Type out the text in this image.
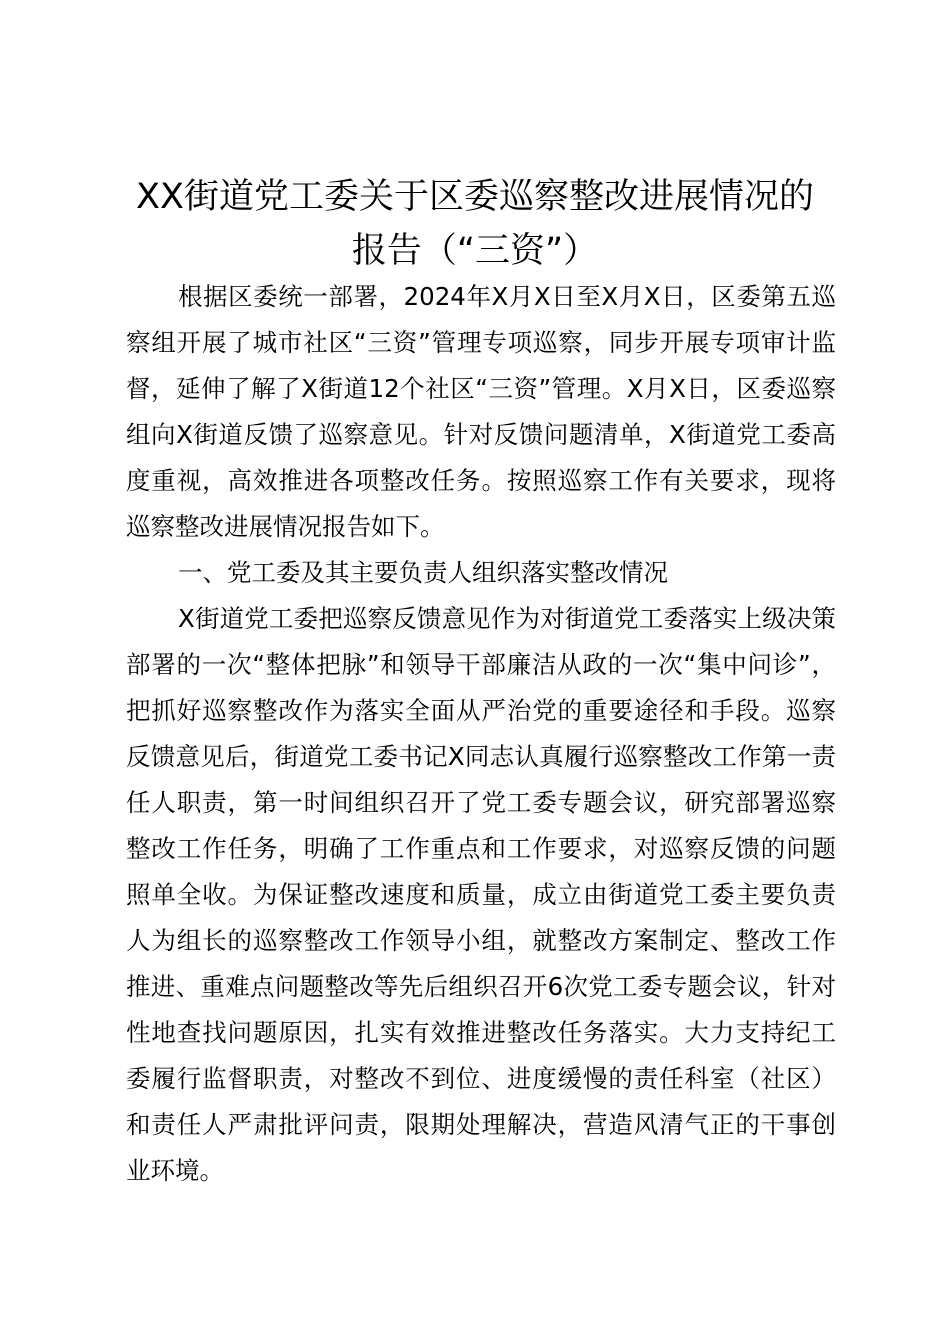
XX街道党工委关于区委巡察整改进展情况的
报告（“三资”）

根据区委统一部署，2024年X月X日至X月X日，区委第五巡察组开展了城市社区“三资”管理专项巡察，同步开展专项审计监督，延伸了解了X街道12个社区“三资”管理。X月X日，区委巡察组向X街道反馈了巡察意见。针对反馈问题清单，X街道党工委高度重视，高效推进各项整改任务。按照巡察工作有关要求，现将巡察整改进展情况报告如下。

一、党工委及其主要负责人组织落实整改情况

X街道党工委把巡察反馈意见作为对街道党工委落实上级决策部署的一次“整体把脉”和领导干部廉洁从政的一次“集中问诊”，把抓好巡察整改作为落实全面从严治党的重要途径和手段。巡察反馈意见后，街道党工委书记X同志认真履行巡察整改工作第一责任人职责，第一时间组织召开了党工委专题会议，研究部署巡察整改工作任务，明确了工作重点和工作要求，对巡察反馈的问题照单全收。为保证整改速度和质量，成立由街道党工委主要负责人为组长的巡察整改工作领导小组，就整改方案制定、整改工作推进、重难点问题整改等先后组织召开6次党工委专题会议，针对性地查找问题原因，扎实有效推进整改任务落实。大力支持纪工委履行监督职责，对整改不到位、进度缓慢的责任科室（社区）和责任人严肃批评问责，限期处理解决，营造风清气正的干事创业环境。
